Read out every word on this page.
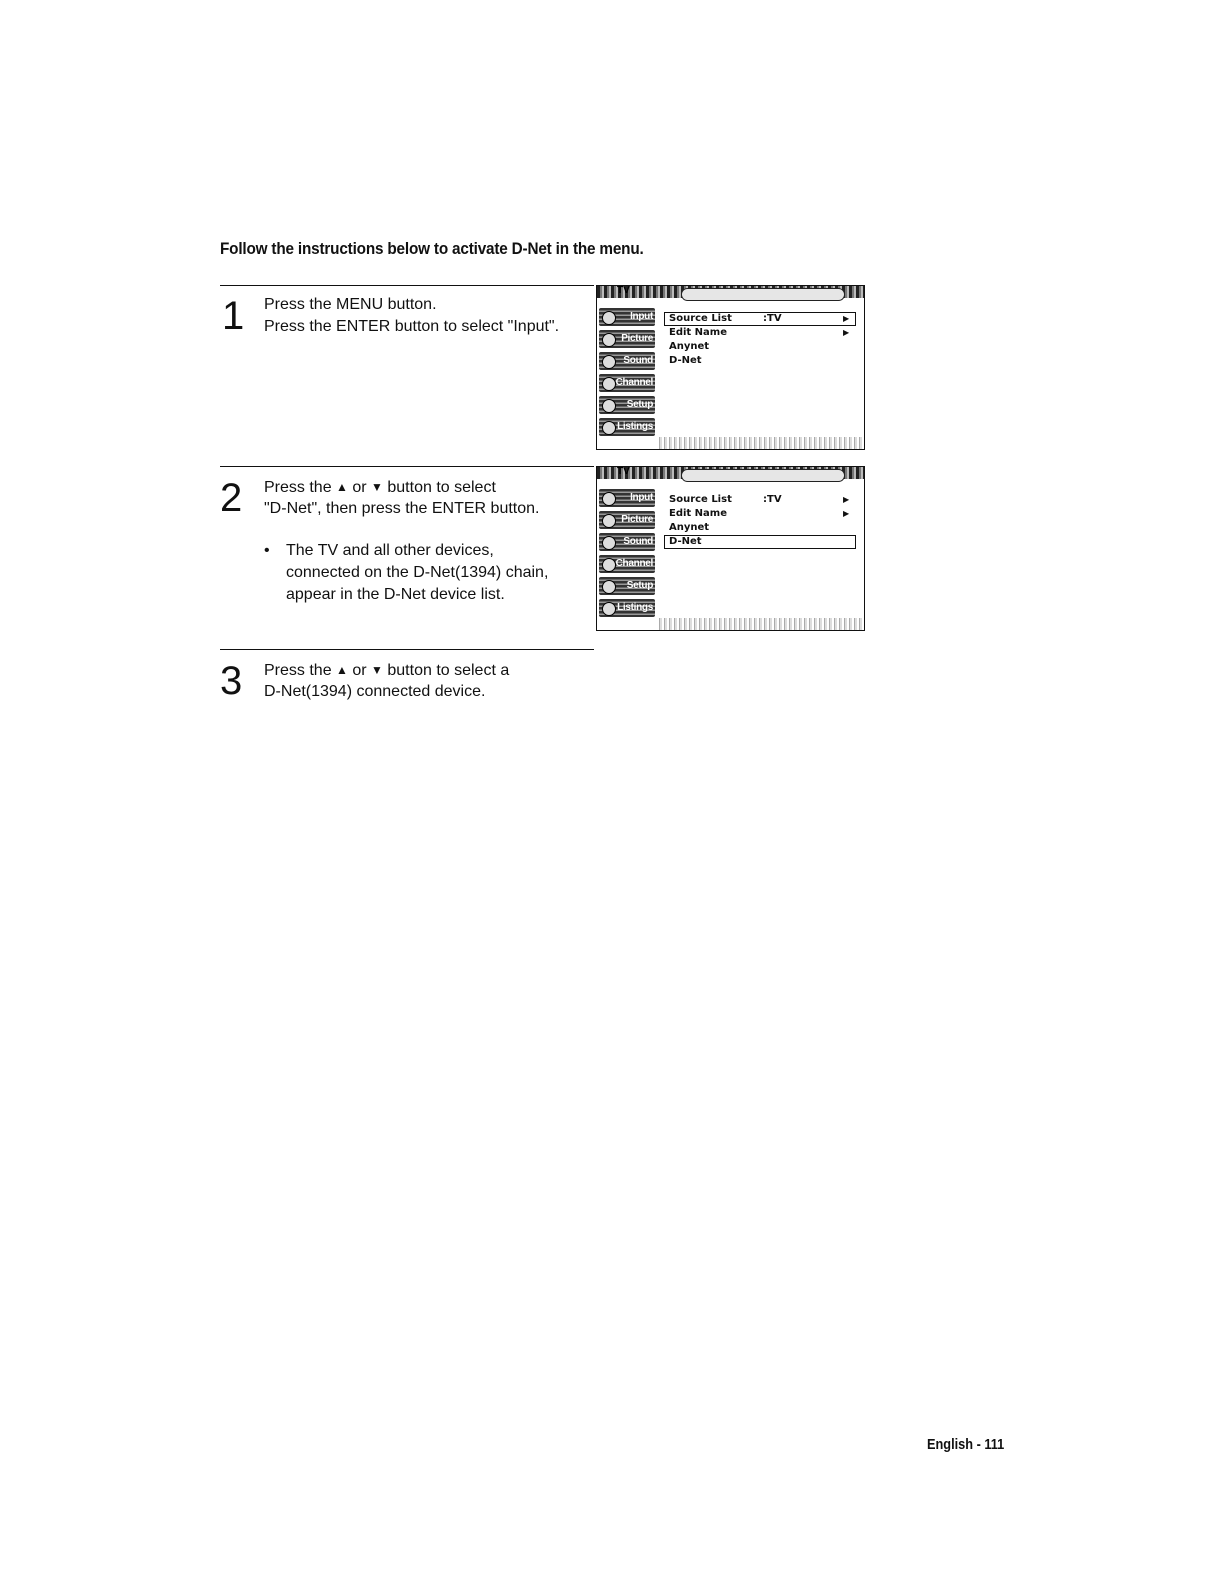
Follow the instructions below to activate D-Net in the menu.
1 Press the MENU button.
Press the ENTER button to select "Input".
TV
Input
Picture
Sound
Channel
Setup
Listings
Source List	:TV	▶
Edit Name	▶
Anynet
D-Net
2 Press the ▲ or ▼ button to select
"D-Net", then press the ENTER button.
• The TV and all other devices,
connected on the D-Net(1394) chain,
appear in the D-Net device list.
TV
Input
Picture
Sound
Channel
Setup
Listings
Source List	:TV	▶
Edit Name	▶
Anynet
D-Net
3 Press the ▲ or ▼ button to select a
D-Net(1394) connected device.
English - 111
